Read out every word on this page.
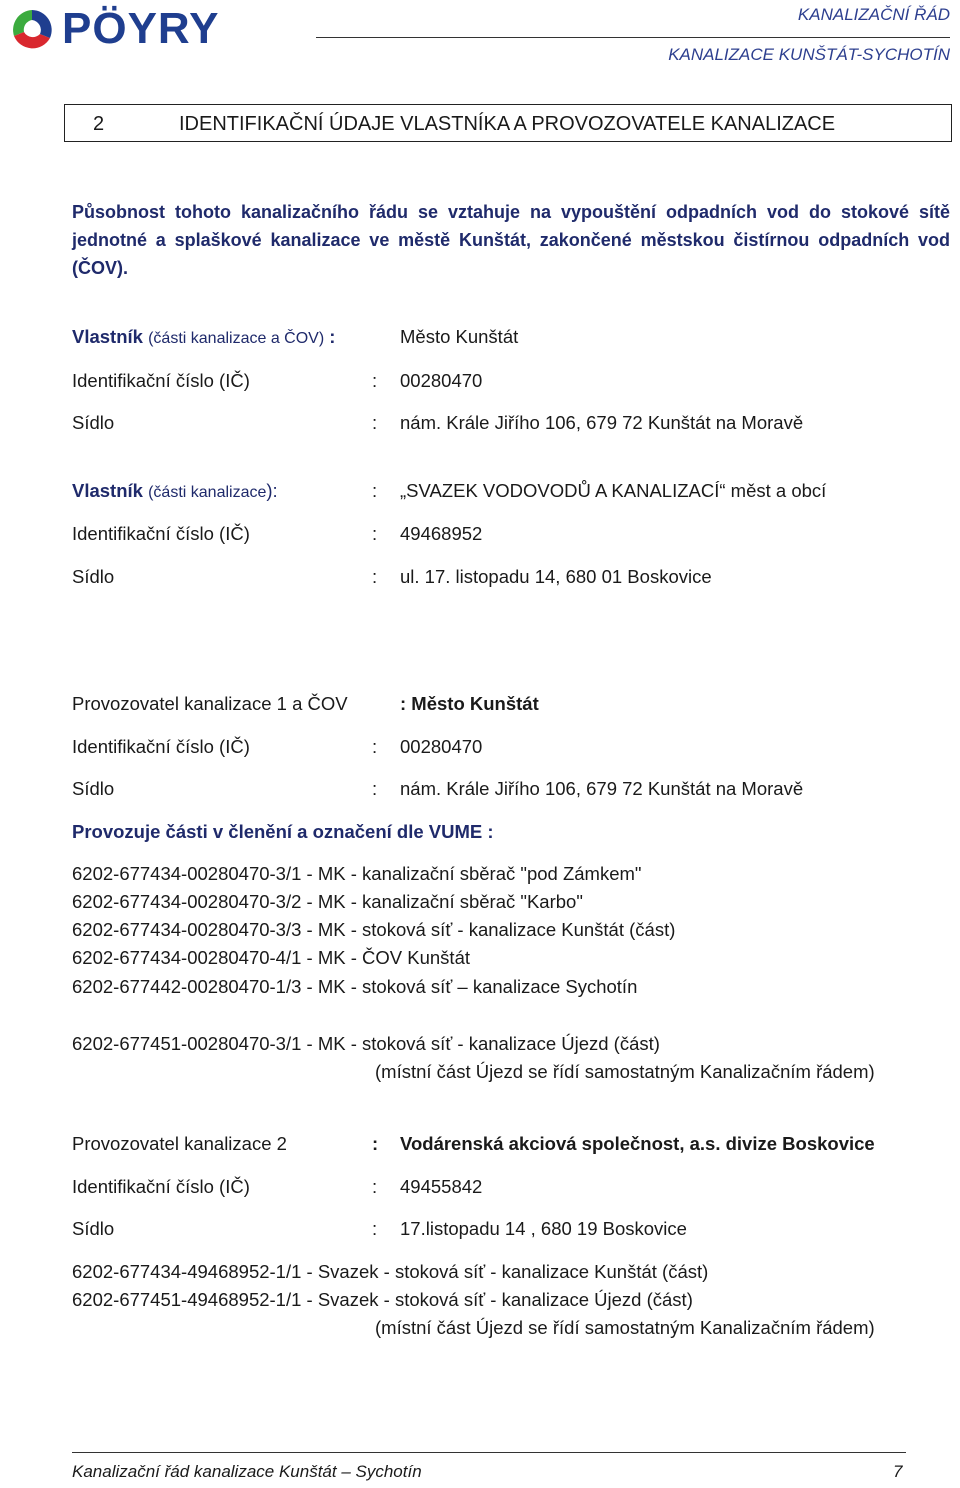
PÖYRY	KANALIZAČNÍ ŘÁD
KANALIZACE KUNŠTÁT-SYCHOTÍN
2	IDENTIFIKAČNÍ ÚDAJE VLASTNÍKA A PROVOZOVATELE KANALIZACE
Působnost tohoto kanalizačního řádu se vztahuje na vypouštění odpadních vod do stokové sítě jednotné a splaškové kanalizace ve městě Kunštát, zakončené městskou čistírnou odpadních vod (ČOV).
Vlastník (části kanalizace a ČOV) :	Město Kunštát
Identifikační číslo (IČ)	: 00280470
Sídlo	: nám. Krále Jiřího 106, 679 72 Kunštát na Moravě
Vlastník (části kanalizace):	: „SVAZEK VODOVODŮ A KANALIZACÍ“ měst a obcí
Identifikační číslo (IČ)	: 49468952
Sídlo	: ul. 17. listopadu 14, 680 01 Boskovice
Provozovatel kanalizace 1 a ČOV	: Město Kunštát
Identifikační číslo (IČ)	: 00280470
Sídlo	: nám. Krále Jiřího 106, 679 72 Kunštát na Moravě
Provozuje části v členění a označení dle VUME :
6202-677434-00280470-3/1 - MK - kanalizační sběrač "pod Zámkem"
6202-677434-00280470-3/2 - MK - kanalizační sběrač "Karbo"
6202-677434-00280470-3/3 - MK - stoková síť - kanalizace Kunštát (část)
6202-677434-00280470-4/1 - MK - ČOV Kunštát
6202-677442-00280470-1/3 - MK - stoková síť – kanalizace Sychotín
6202-677451-00280470-3/1 - MK - stoková síť - kanalizace Újezd (část)
(místní část Újezd se řídí samostatným Kanalizačním řádem)
Provozovatel kanalizace 2	: Vodárenská akciová společnost, a.s. divize Boskovice
Identifikační číslo (IČ)	: 49455842
Sídlo	: 17.listopadu 14 , 680 19 Boskovice
6202-677434-49468952-1/1 - Svazek - stoková síť - kanalizace Kunštát (část)
6202-677451-49468952-1/1 - Svazek - stoková síť - kanalizace Újezd (část)
(místní část Újezd se řídí samostatným Kanalizačním řádem)
Kanalizační řád kanalizace Kunštát – Sychotín	7
